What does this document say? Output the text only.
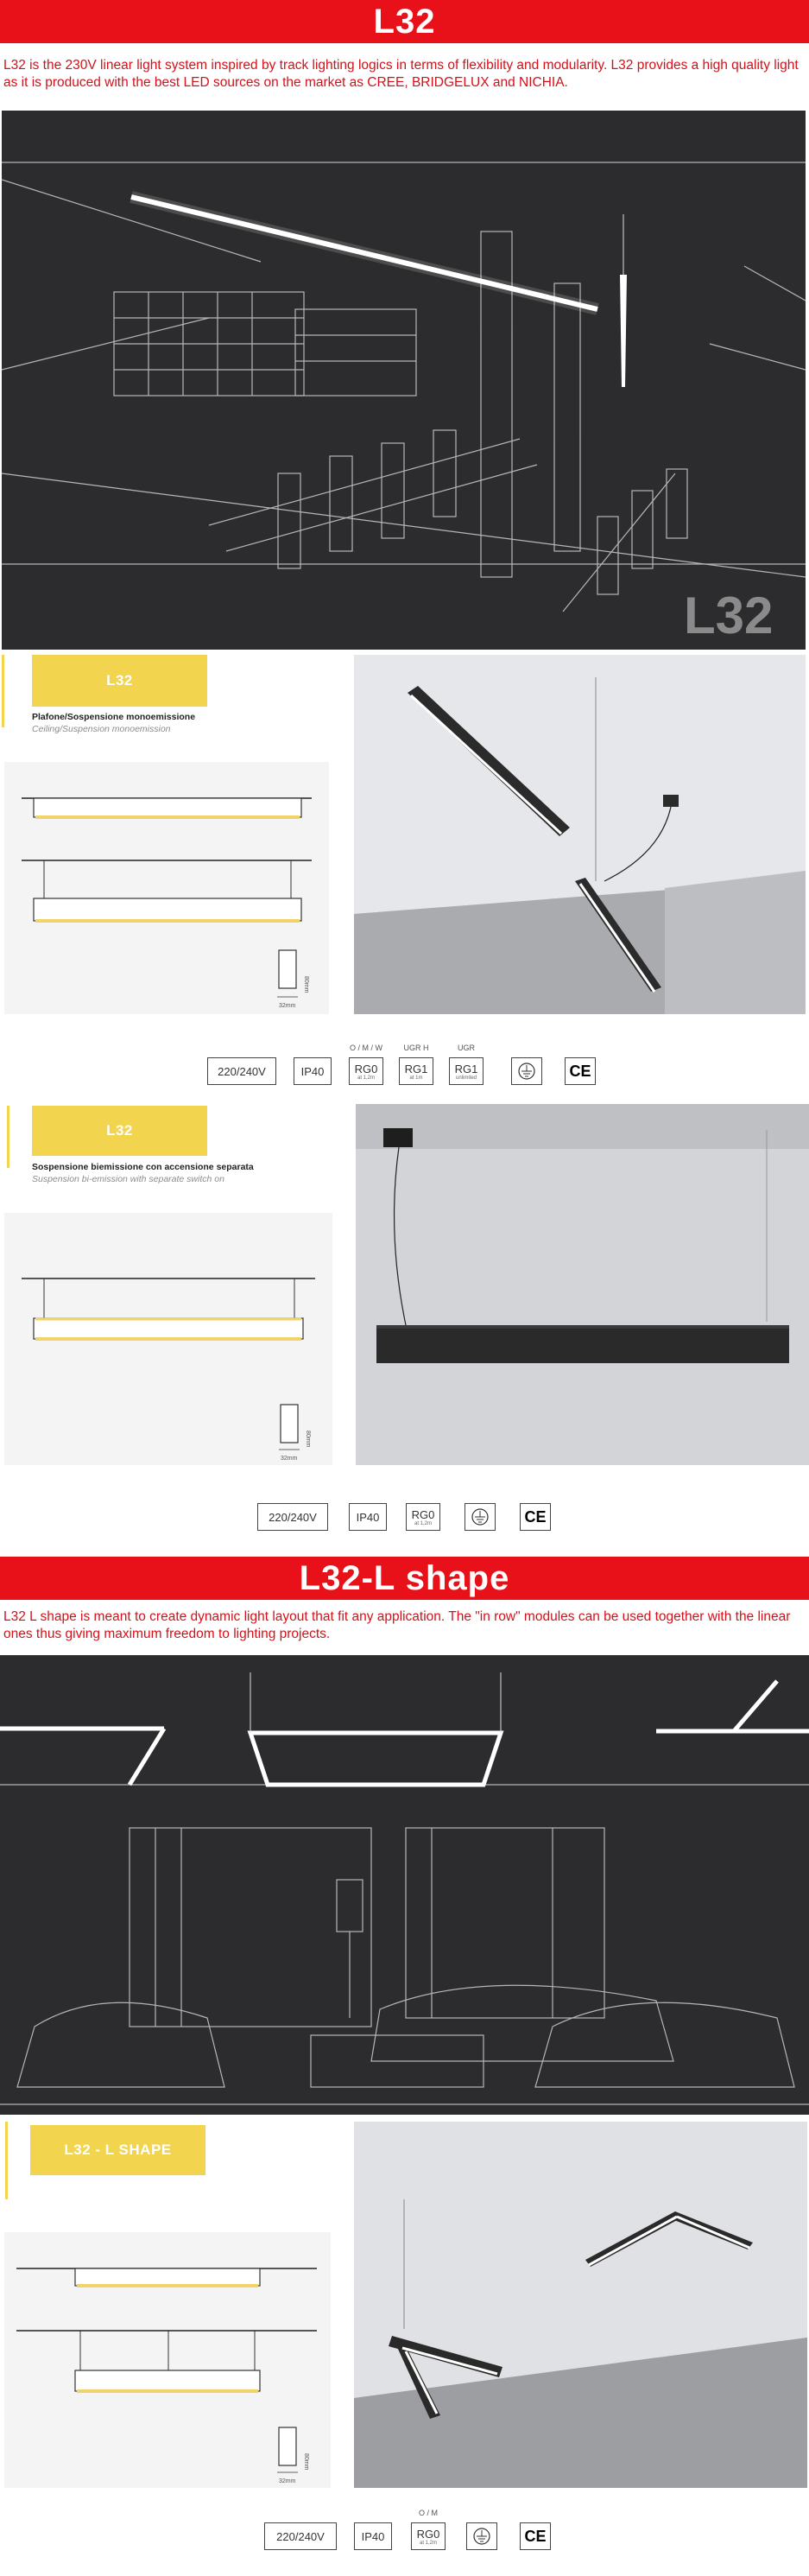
L32
L32 is the 230V linear light system inspired by track lighting logics in terms of flexibility and modularity. L32 provides a high quality light as it is produced with the best LED sources on the market as CREE, BRIDGELUX and NICHIA.
L32
L32
Plafone/Sospensione monoemissione
Ceiling/Suspension monoemission
32mm
80mm
220/240V	IP40
O / M / W
RG0
at 1,2m
UGR H
RG1
at 1m
UGR
RG1
unlimited	CE
L32
Sospensione biemissione con accensione separata
Suspension bi-emission with separate switch on
32mm
80mm
220/240V	IP40	RG0
at 1,2m	CE
L32-L shape
L32 L shape is meant to create dynamic light layout that fit any application. The "in row" modules can be used together with the linear ones thus giving maximum freedom to lighting projects.
L32 - L SHAPE
32mm
80mm
220/240V	IP40
O / M
RG0
at 1,2m	CE
